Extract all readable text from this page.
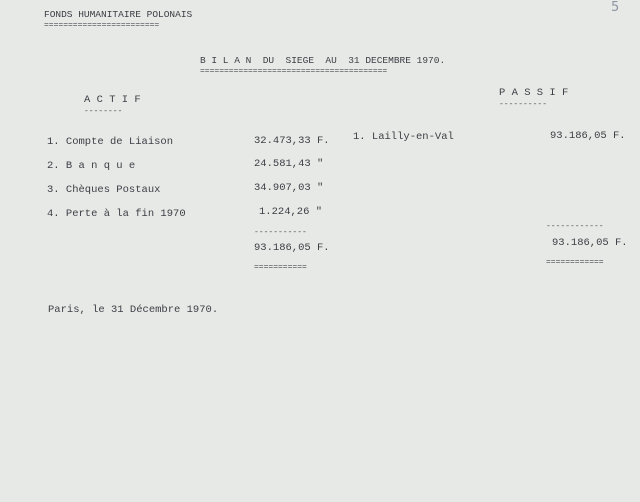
5
FONDS HUMANITAIRE POLONAIS
========================
B I L A N  DU  SIEGE  AU  31 DECEMBRE 1970.
=======================================
A C T I F
--------
P A S S I F
----------
1. Compte de Liaison	32.473,33 F.
2. B a n q u e	24.581,43 "
3. Chèques Postaux	34.907,03 "
4. Perte à la fin 1970	1.224,26 "
-----------
93.186,05 F.
===========
1. Lailly-en-Val	93.186,05 F.
------------
93.186,05 F.
============
Paris, le 31 Décembre 1970.
